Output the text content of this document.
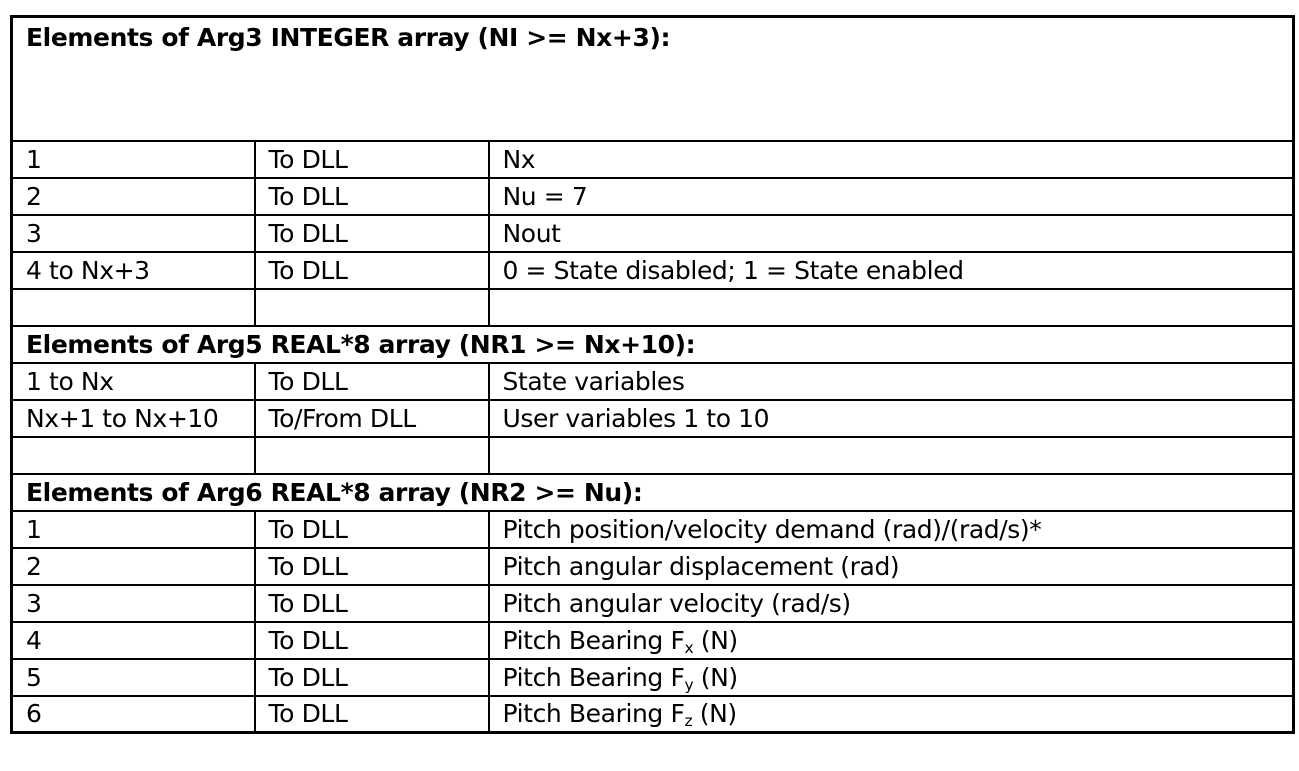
Elements of Arg3 INTEGER array (NI >= Nx+3):		
1	To DLL	Nx
2	To DLL	Nu = 7
3	To DLL	Nout
4 to Nx+3	To DLL	0 = State disabled; 1 = State enabled

Elements of Arg5 REAL*8 array (NR1 >= Nx+10):		
1 to Nx	To DLL	State variables
Nx+1 to Nx+10	To/From DLL	User variables 1 to 10

Elements of Arg6 REAL*8 array (NR2 >= Nu):		
1	To DLL	Pitch position/velocity demand (rad)/(rad/s)*
2	To DLL	Pitch angular displacement (rad)
3	To DLL	Pitch angular velocity (rad/s)
4	To DLL	Pitch Bearing $F_x$ (N)
5	To DLL	Pitch Bearing $F_y$ (N)
6	To DLL	Pitch Bearing $F_z$ (N)
